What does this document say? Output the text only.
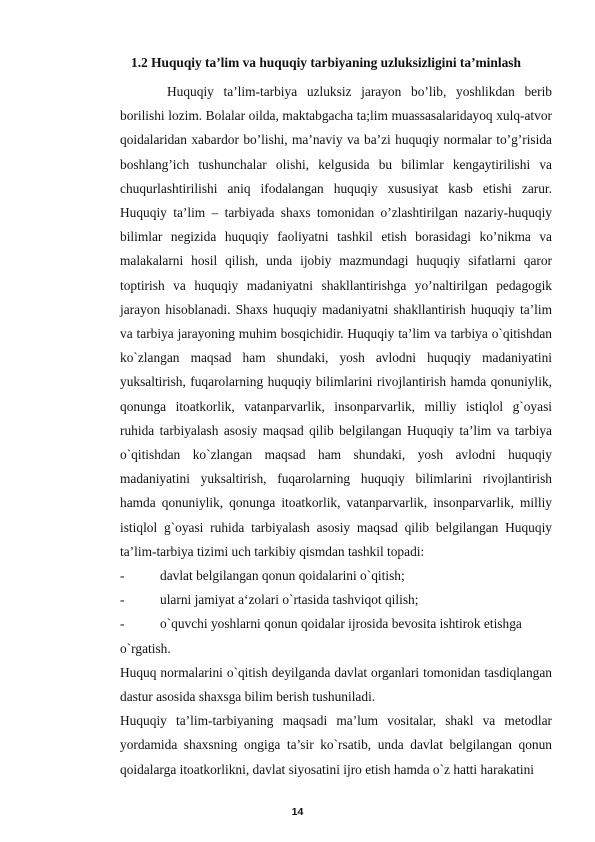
1.2 Huquqiy ta’lim va huquqiy tarbiyaning uzluksizligini ta’minlash

Huquqiy ta’lim-tarbiya uzluksiz jarayon bo’lib, yoshlikdan berib borilishi lozim. Bolalar oilda, maktabgacha ta;lim muassasalaridayoq xulq-atvor qoidalaridan xabardor bo’lishi, ma’naviy va ba’zi huquqiy normalar to’g’risida boshlang’ich tushunchalar olishi, kelgusida bu bilimlar kengaytirilishi va chuqurlashtirilishi aniq ifodalangan huquqiy xususiyat kasb etishi zarur. Huquqiy ta’lim – tarbiyada shaxs tomonidan o’zlashtirilgan nazariy-huquqiy bilimlar negizida huquqiy faoliyatni tashkil etish borasidagi ko’nikma va malakalarni hosil qilish, unda ijobiy mazmundagi huquqiy sifatlarni qaror toptirish va huquqiy madaniyatni shakllantirishga yo’naltirilgan pedagogik jarayon hisoblanadi. Shaxs huquqiy madaniyatni shakllantirish huquqiy ta’lim va tarbiya jarayoning muhim bosqichidir. Huquqiy ta’lim va tarbiya o`qitishdan ko`zlangan maqsad ham shundaki, yosh avlodni huquqiy madaniyatini yuksaltirish, fuqarolarning huquqiy bilimlarini rivojlantirish hamda qonuniylik, qonunga itoatkorlik, vatanparvarlik, insonparvarlik, milliy istiqlol g`oyasi ruhida tarbiyalash asosiy maqsad qilib belgilangan Huquqiy ta’lim va tarbiya o`qitishdan ko`zlangan maqsad ham shundaki, yosh avlodni huquqiy madaniyatini yuksaltirish, fuqarolarning huquqiy bilimlarini rivojlantirish hamda qonuniylik, qonunga itoatkorlik, vatanparvarlik, insonparvarlik, milliy istiqlol g`oyasi ruhida tarbiyalash asosiy maqsad qilib belgilangan Huquqiy ta’lim-tarbiya tizimi uch tarkibiy qismdan tashkil topadi:

-	davlat belgilangan qonun qoidalarini o`qitish;
-	ularni jamiyat a‘zolari o`rtasida tashviqot qilish;
-	o`quvchi yoshlarni qonun qoidalar ijrosida bevosita ishtirok etishga

o`rgatish.

Huquq normalarini o`qitish deyilganda davlat organlari tomonidan tasdiqlangan dastur asosida shaxsga bilim berish tushuniladi.

Huquqiy ta’lim-tarbiyaning maqsadi ma’lum vositalar, shakl va metodlar yordamida shaxsning ongiga ta’sir ko`rsatib, unda davlat belgilangan qonun qoidalarga itoatkorlikni, davlat siyosatini ijro etish hamda o`z hatti harakatini

14
